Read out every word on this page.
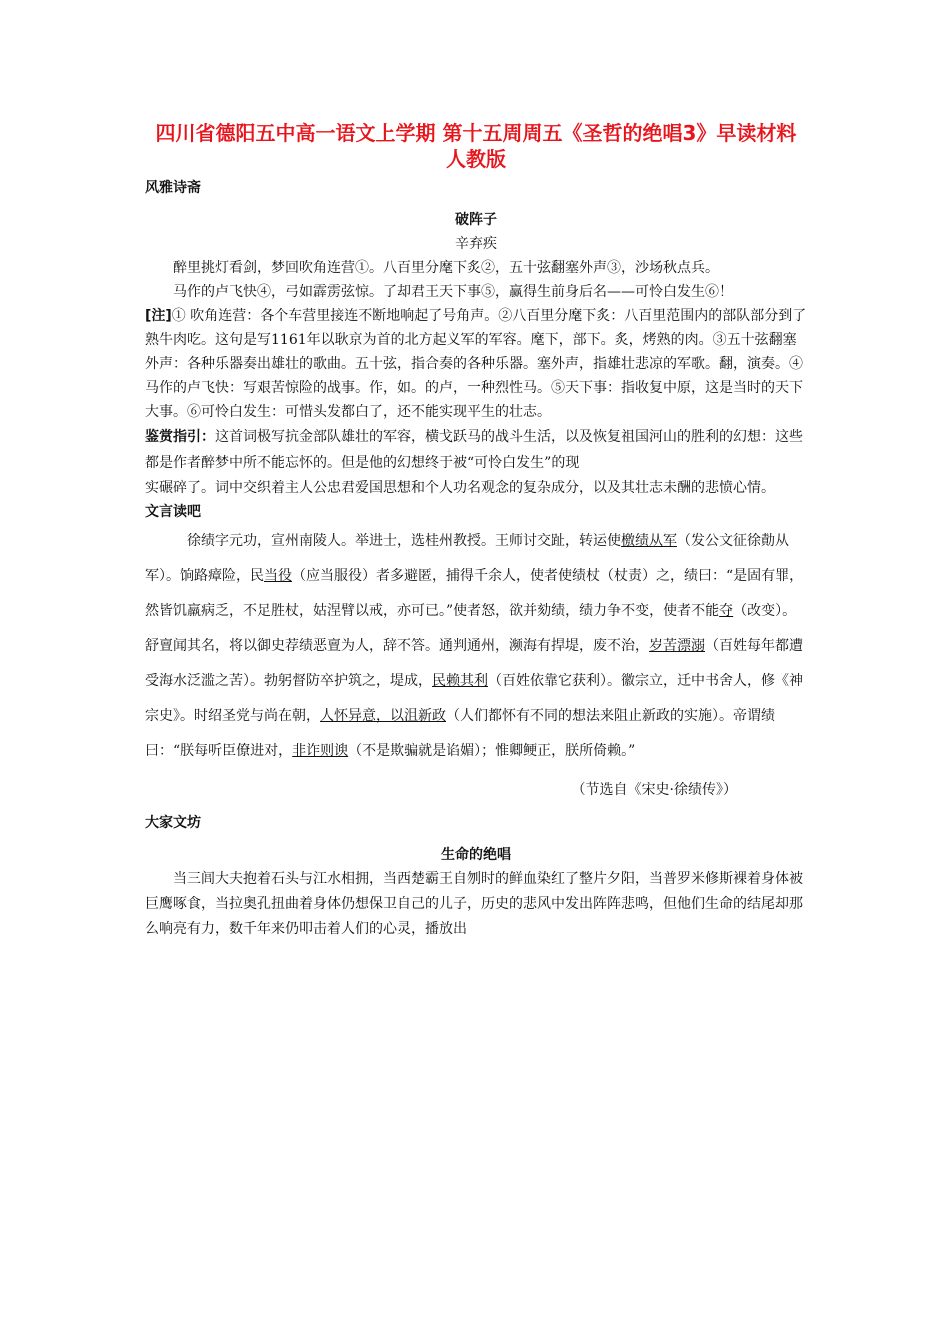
四川省德阳五中高一语文上学期 第十五周周五《圣哲的绝唱3》早读材料 人教版
风雅诗斋
破阵子
辛弃疾

醉里挑灯看剑，梦回吹角连营①。八百里分麾下炙②，五十弦翻塞外声③，沙场秋点兵。

马作的卢飞快④，弓如霹雳弦惊。了却君王天下事⑤，赢得生前身后名——可怜白发生⑥！

[注]① 吹角连营：各个车营里接连不断地响起了号角声。②八百里分麾下炙：八百里范围内的部队部分到了熟牛肉吃。这句是写1161年以耿京为首的北方起义军的军容。麾下，部下。炙，烤熟的肉。③五十弦翻塞外声：各种乐器奏出雄壮的歌曲。五十弦，指合奏的各种乐器。塞外声，指雄壮悲凉的军歌。翻，演奏。④马作的卢飞快：写艰苦惊险的战事。作，如。的卢，一种烈性马。⑤天下事：指收复中原，这是当时的天下大事。⑥可怜白发生：可惜头发都白了，还不能实现平生的壮志。

鉴赏指引：这首词极写抗金部队雄壮的军容，横戈跃马的战斗生活，以及恢复祖国河山的胜利的幻想：这些都是作者醉梦中所不能忘怀的。但是他的幻想终于被“可怜白发生”的现

实碾碎了。词中交织着主人公忠君爱国思想和个人功名观念的复杂成分，以及其壮志未酬的悲愤心情。

文言读吧

徐绩字元功，宣州南陵人。举进士，选桂州教授。王师讨交趾，转运使檄绩从军（发公文征徐勣从军）。饷路瘴险，民当役（应当服役）者多避匿，捕得千余人，使者使绩杖（杖责）之，绩曰：“是固有罪，然皆饥羸病乏，不足胜杖，姑涅臂以戒，亦可已。”使者怒，欲并劾绩，绩力争不变，使者不能夺（改变）。舒亶闻其名，将以御史荐绩恶亶为人，辞不答。通判通州，濒海有捍堤，废不治，岁苦漂溺（百姓每年都遭受海水泛滥之苦）。勃躬督防卒护筑之，堤成，民赖其利（百姓依靠它获利）。徽宗立，迁中书舍人，修《神宗史》。时绍圣党与尚在朝，人怀异意，以沮新政（人们都怀有不同的想法来阻止新政的实施）。帝谓绩曰：“朕每听臣僚进对，非诈则谀（不是欺骗就是谄媚）；惟卿鲠正，朕所倚赖。”

（节选自《宋史·徐绩传》）
大家文坊
生命的绝唱

当三闾大夫抱着石头与江水相拥，当西楚霸王自刎时的鲜血染红了整片夕阳，当普罗米修斯裸着身体被巨鹰啄食，当拉奥孔扭曲着身体仍想保卫自己的儿子，历史的悲风中发出阵阵悲鸣，但他们生命的结尾却那么响亮有力，数千年来仍叩击着人们的心灵，播放出
